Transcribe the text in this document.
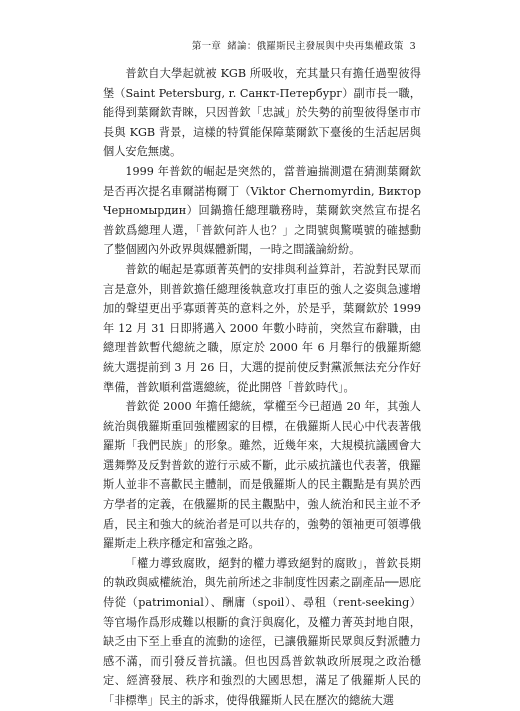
第一章 緒論：俄羅斯民主發展與中央再集權政策 3

普欽自大學起就被 KGB 所吸收，充其量只有擔任過聖彼得堡（Saint Petersburg, r. Санкт-Петербург）副市長一職，能得到葉爾欽青睞，只因普欽「忠誠」於失勢的前聖彼得堡市市長與 KGB 背景，這樣的特質能保障葉爾欽下臺後的生活起居與個人安危無虞。

1999 年普欽的崛起是突然的，當普遍揣測還在猜測葉爾欽是否再次提名車爾諾梅爾丁（Viktor Chernomyrdin, Виктор Черномырдин）回鍋擔任總理職務時，葉爾欽突然宣布提名普欽爲總理人選，「普欽何許人也？」之問號與驚嘆號的確撼動了整個國內外政界與媒體新聞，一時之間議論紛紛。

普欽的崛起是寡頭菁英們的安排與利益算計，若說對民眾而言是意外，則普欽擔任總理後執意攻打車臣的強人之姿與急遽增加的聲望更出乎寡頭菁英的意料之外，於是乎，葉爾欽於 1999 年 12 月 31 日即將邁入 2000 年數小時前，突然宣布辭職，由總理普欽暫代總統之職，原定於 2000 年 6 月舉行的俄羅斯總統大選提前到 3 月 26 日，大選的提前使反對黨派無法充分作好準備，普欽順利當選總統，從此開啓「普欽時代」。

普欽從 2000 年擔任總統，掌權至今已超過 20 年，其強人統治與俄羅斯重回強權國家的目標，在俄羅斯人民心中代表著俄羅斯「我們民族」的形象。雖然，近幾年來，大規模抗議國會大選舞弊及反對普欽的遊行示威不斷，此示威抗議也代表著，俄羅斯人並非不喜歡民主體制，而是俄羅斯人的民主觀點是有異於西方學者的定義，在俄羅斯的民主觀點中，強人統治和民主並不矛盾，民主和強大的統治者是可以共存的，強勢的領袖更可領導俄羅斯走上秩序穩定和富強之路。

「權力導致腐敗，絕對的權力導致絕對的腐敗」，普欽長期的執政與威權統治，與先前所述之非制度性因素之副產品──恩庇侍從（patrimonial）、酬庸（spoil）、尋租（rent-seeking）等官場作爲形成難以根斷的貪汙與腐化，及權力菁英封地自限，缺乏由下至上垂直的流動的途徑，已讓俄羅斯民眾與反對派體力感不滿，而引發反普抗議。但也因爲普欽執政所展現之政治穩定、經濟發展、秩序和強烈的大國思想，滿足了俄羅斯人民的「非標準」民主的訴求，使得俄羅斯人民在歷次的總統大選
